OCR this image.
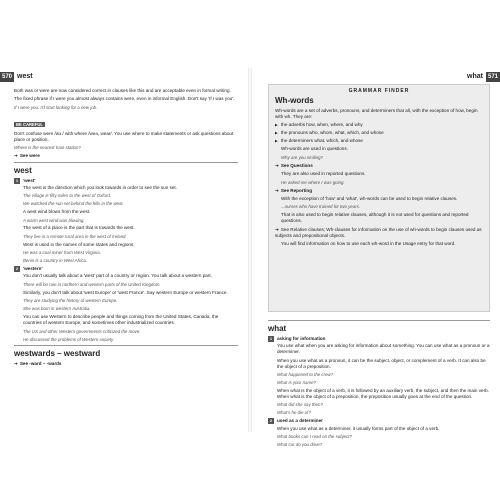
570 west

Both was or were are now considered correct in clauses like this and are acceptable even in formal writing.

The fixed phrase if I were you almost always contains were, even in informal English. Don't say 'If I was you'.

If I were you, I'd start looking for a new job.

BE CAREFUL

Don't confuse were /wɜː/ with where /weə, wear/. You use where to make statements or ask questions about place or position.

Where is the nearest train station?

➔ See were
west
1 'west'

The west is the direction which you look towards in order to see the sun set.

The village is fifty miles to the west of Oxford.

We watched the sun set behind the hills in the west.

A west wind blows from the west.

A warm west wind was blowing.

The west of a place is the part that is towards the west.

They live in a remote rural area in the west of Ireland.

West is used in the names of some states and regions.

He was a coal miner from West Virginia.

Benin is a country in West Africa.

2 'western'

You don't usually talk about a 'west' part of a country or region. You talk about a western part.

There will be rain in northern and western parts of the United Kingdom.

Similarly, you don't talk about 'west Europe' or 'west France'. Say western Europe or western France.

They are studying the history of western Europe.

She was born in western Australia.

You can use Western to describe people and things coming from the United States, Canada, the countries of western Europe, and sometimes other industrialized countries.

The US and other Western governments criticized the move.

He discussed the problems of Western society.

westwards – westward
➔ See -ward – -wards
what 571
GRAMMAR FINDER
Wh-words

Wh-words are a set of adverbs, pronouns, and determiners that all, with the exception of how, begin with wh. They are:

▶ the adverbs how, when, where, and why
▶ the pronouns who, whom, what, which, and whose
▶ the determiners what, which, and whose

Wh-words are used in questions.

Why are you smiling?

➔ See Questions

They are also used in reported questions.

He asked me where I was going.

➔ See Reporting

With the exception of 'how' and 'what', wh-words can be used to begin relative clauses.

...nurses who have trained for two years.

That is also used to begin relative clauses, although it is not used for questions and reported questions.

➔ See Relative clauses; Wh-clauses for information on the use of wh-words to begin clauses used as subjects and prepositional objects.

You will find information on how to use each wh-word in the Usage entry for that word.

what
1 asking for information

You use what when you are asking for information about something. You can use what as a pronoun or a determiner.

When you use what as a pronoun, it can be the subject, object, or complement of a verb. It can also be the object of a preposition.

What happened to the crew?

What is your name?

When what is the object of a verb, it is followed by an auxiliary verb, the subject, and then the main verb. When what is the object of a preposition, the preposition usually goes at the end of the question.

What did she say then?

What's he die of?

2 used as a determiner

When you use what as a determiner, it usually forms part of the object of a verb.

What books can I read on the subject?

What car do you drive?
